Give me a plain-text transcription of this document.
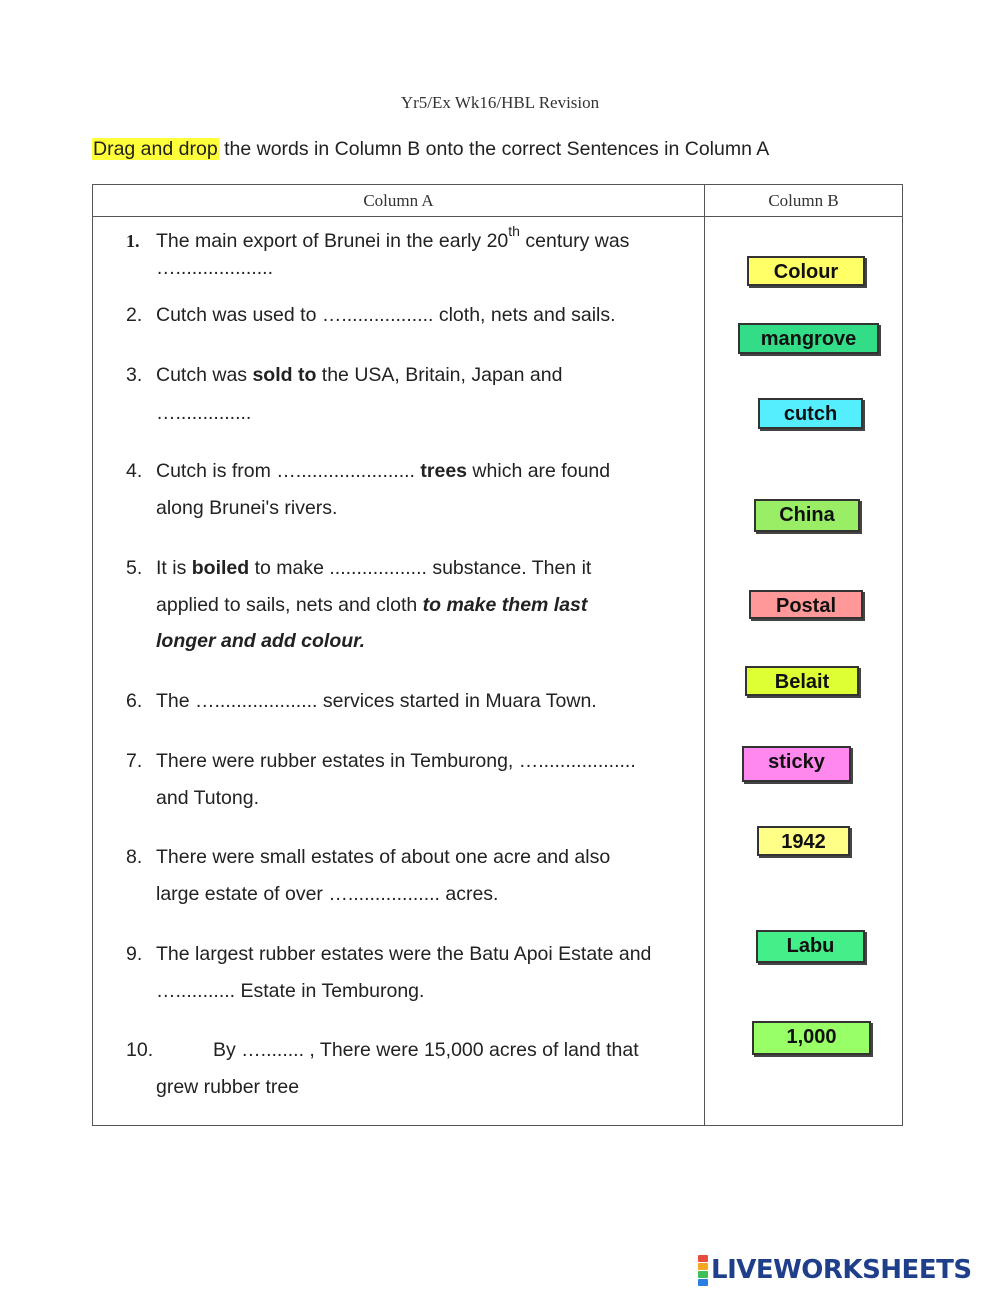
Yr5/Ex Wk16/HBL Revision
Drag and drop the words in Column B onto the correct Sentences in Column A
Column A	Column B
1. The main export of Brunei in the early 20th century was
…..................
2. Cutch was used to …................. cloth, nets and sails.
3. Cutch was sold to the USA, Britain, Japan and
…..............
4. Cutch is from …...................... trees which are found
along Brunei's rivers.
5. It is boiled to make .................. substance. Then it
applied to sails, nets and cloth to make them last
longer and add colour.
6. The …................... services started in Muara Town.
7. There were rubber estates in Temburong, …..................
and Tutong.
8. There were small estates of about one acre and also
large estate of over …................. acres.
9. The largest rubber estates were the Batu Apoi Estate and
…........... Estate in Temburong.
10.	By …........ , There were 15,000 acres of land that
grew rubber tree
Colour
mangrove
cutch
China
Postal
Belait
sticky
1942
Labu
1,000
LIVEWORKSHEETS
